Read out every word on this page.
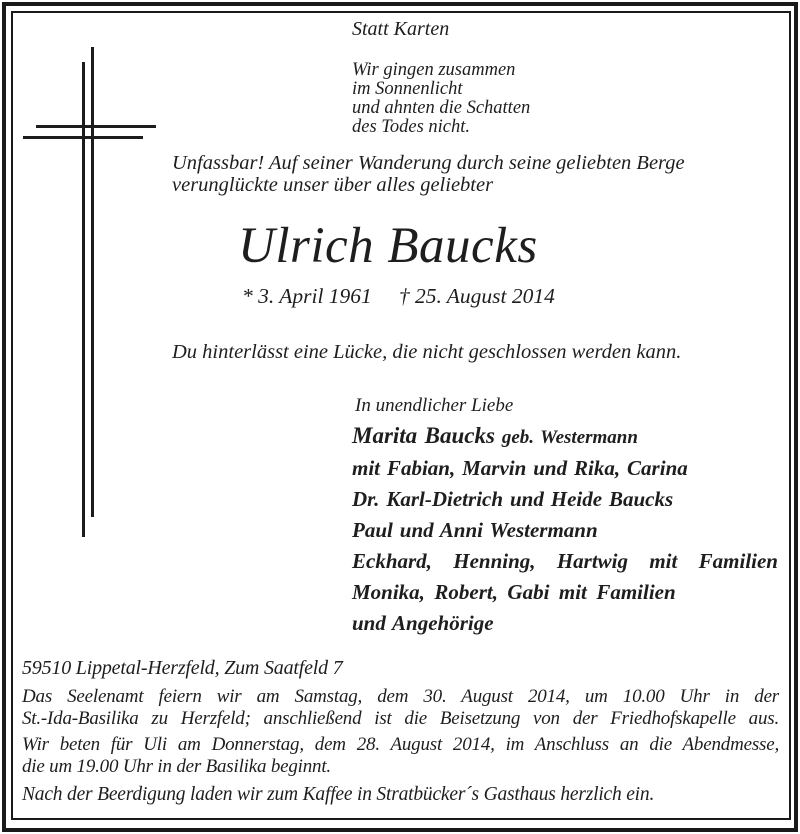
Statt Karten
Wir gingen zusammen
im Sonnenlicht
und ahnten die Schatten
des Todes nicht.
Unfassbar! Auf seiner Wanderung durch seine geliebten Berge
verunglückte unser über alles geliebter
Ulrich Baucks
* 3. April 1961 † 25. August 2014
Du hinterlässt eine Lücke, die nicht geschlossen werden kann.
In unendlicher Liebe
Marita Baucks geb. Westermann
mit Fabian, Marvin und Rika, Carina
Dr. Karl-Dietrich und Heide Baucks
Paul und Anni Westermann
Eckhard, Henning, Hartwig mit Familien
Monika, Robert, Gabi mit Familien
und Angehörige
59510 Lippetal-Herzfeld, Zum Saatfeld 7
Das Seelenamt feiern wir am Samstag, dem 30. August 2014, um 10.00 Uhr in der
St.-Ida-Basilika zu Herzfeld; anschließend ist die Beisetzung von der Friedhofskapelle aus.
Wir beten für Uli am Donnerstag, dem 28. August 2014, im Anschluss an die Abendmesse,
die um 19.00 Uhr in der Basilika beginnt.
Nach der Beerdigung laden wir zum Kaffee in Stratbücker´s Gasthaus herzlich ein.
